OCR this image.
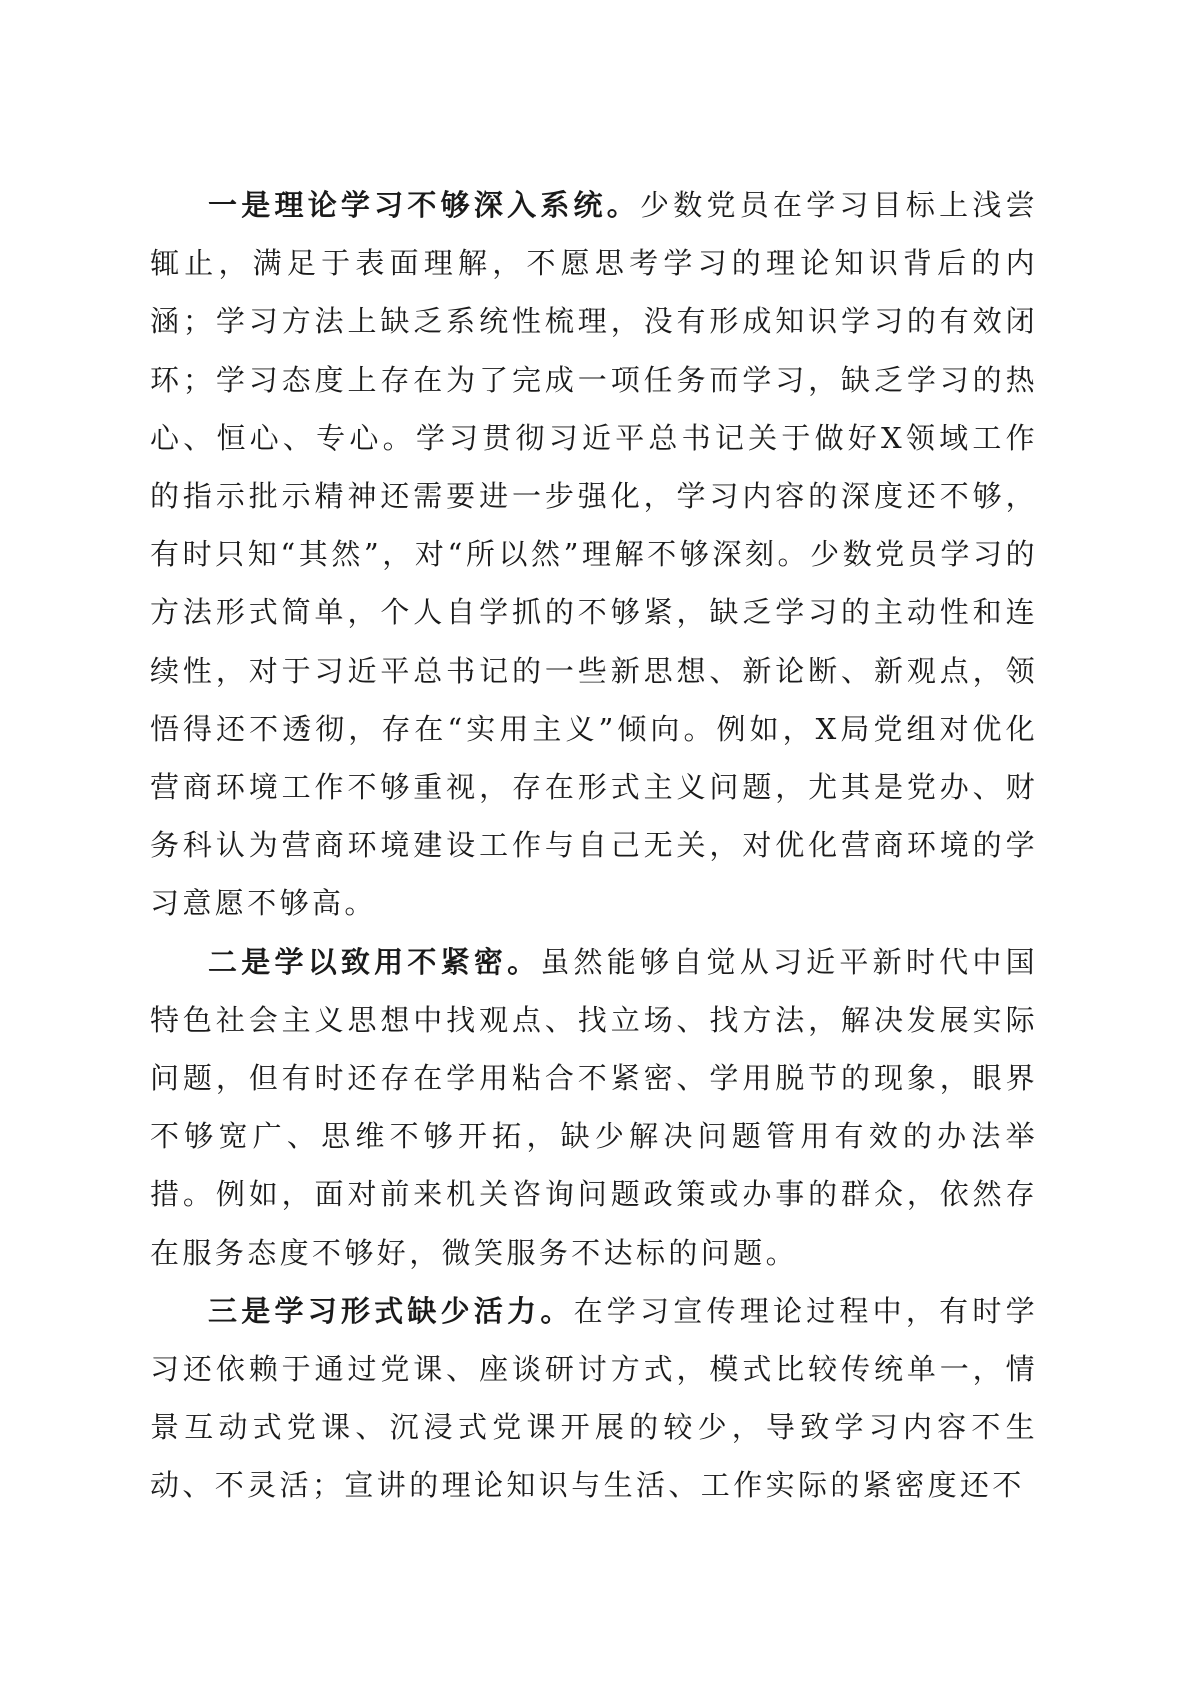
一是理论学习不够深入系统。少数党员在学习目标上浅尝辄止，满足于表面理解，不愿思考学习的理论知识背后的内涵；学习方法上缺乏系统性梳理，没有形成知识学习的有效闭环；学习态度上存在为了完成一项任务而学习，缺乏学习的热心、恒心、专心。学习贯彻习近平总书记关于做好X领域工作的指示批示精神还需要进一步强化，学习内容的深度还不够，有时只知“其然”，对“所以然”理解不够深刻。少数党员学习的方法形式简单，个人自学抓的不够紧，缺乏学习的主动性和连续性，对于习近平总书记的一些新思想、新论断、新观点，领悟得还不透彻，存在“实用主义”倾向。例如，X局党组对优化营商环境工作不够重视，存在形式主义问题，尤其是党办、财务科认为营商环境建设工作与自己无关，对优化营商环境的学习意愿不够高。

二是学以致用不紧密。虽然能够自觉从习近平新时代中国特色社会主义思想中找观点、找立场、找方法，解决发展实际问题，但有时还存在学用粘合不紧密、学用脱节的现象，眼界不够宽广、思维不够开拓，缺少解决问题管用有效的办法举措。例如，面对前来机关咨询问题政策或办事的群众，依然存在服务态度不够好，微笑服务不达标的问题。

三是学习形式缺少活力。在学习宣传理论过程中，有时学习还依赖于通过党课、座谈研讨方式，模式比较传统单一，情景互动式党课、沉浸式党课开展的较少，导致学习内容不生动、不灵活；宣讲的理论知识与生活、工作实际的紧密度还不
